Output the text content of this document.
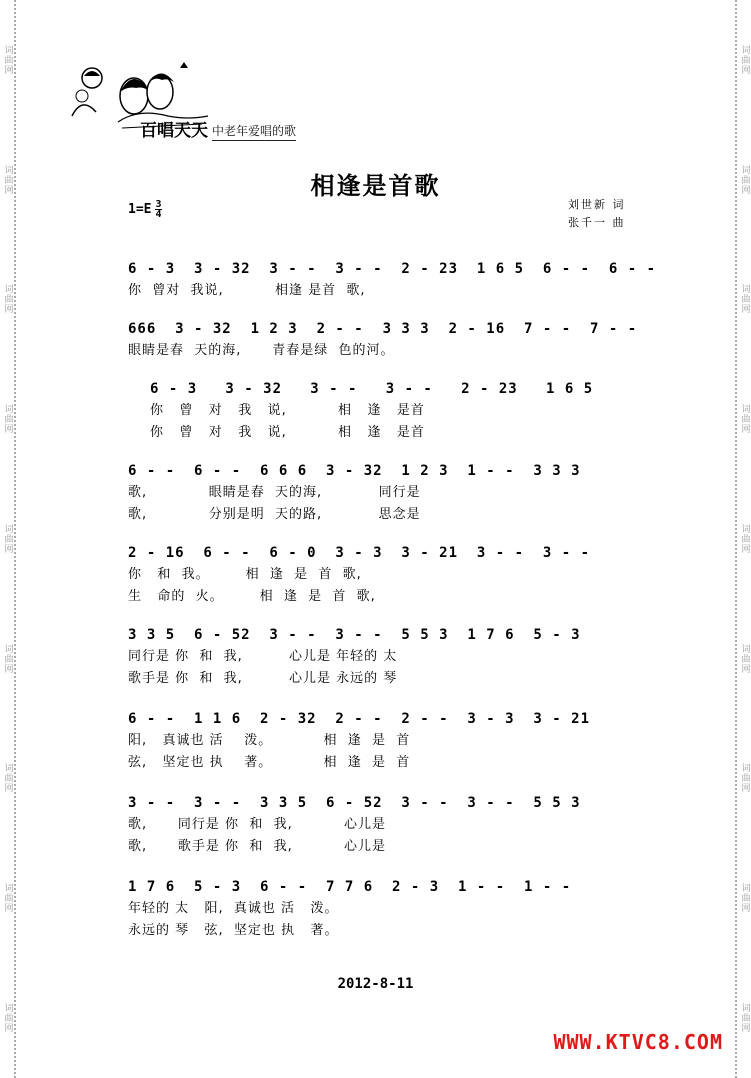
词曲网
词曲网
词曲网
词曲网
词曲网
词曲网
词曲网
词曲网
词曲网
词曲网
词曲网
词曲网
词曲网
词曲网
词曲网
词曲网
词曲网
词曲网
百唱天天 中老年爱唱的歌
相逢是首歌
$1=E \frac{3}{4}$	刘世新 词
张千一 曲
6 - 3  3 - 32  3 - -  3 - -  2 - 23  1 6 5  6 - -  6 - -
你  曾对  我说,          相逢 是首  歌,
666  3 - 32  1 2 3  2 - -  3 3 3  2 - 16  7 - -  7 - -
眼睛是春  天的海,      青春是绿  色的河。
6 - 3   3 - 32   3 - -   3 - -   2 - 23   1 6 5
你   曾   对   我   说,          相   逢   是首
你   曾   对   我   说,          相   逢   是首
6 - -  6 - -  6 6 6  3 - 32  1 2 3  1 - -  3 3 3
歌,            眼睛是春  天的海,           同行是
歌,            分别是明  天的路,           思念是
2 - 16  6 - -  6 - 0  3 - 3  3 - 21  3 - -  3 - -
你   和  我。       相  逢  是  首  歌,
生   命的  火。       相  逢  是  首  歌,
3 3 5  6 - 52  3 - -  3 - -  5 5 3  1 7 6  5 - 3
同行是 你  和  我,         心儿是 年轻的 太
歌手是 你  和  我,         心儿是 永远的 琴
6 - -  1 1 6  2 - 32  2 - -  2 - -  3 - 3  3 - 21
阳,   真诚也 活    泼。          相  逢  是  首
弦,   坚定也 执    著。          相  逢  是  首
3 - -  3 - -  3 3 5  6 - 52  3 - -  3 - -  5 5 3
歌,      同行是 你  和  我,          心儿是
歌,      歌手是 你  和  我,          心儿是
1 7 6  5 - 3  6 - -  7 7 6  2 - 3  1 - -  1 - -
年轻的 太   阳,  真诚也 活   泼。
永远的 琴   弦,  坚定也 执   著。
2012-8-11
WWW.KTVC8.COM
